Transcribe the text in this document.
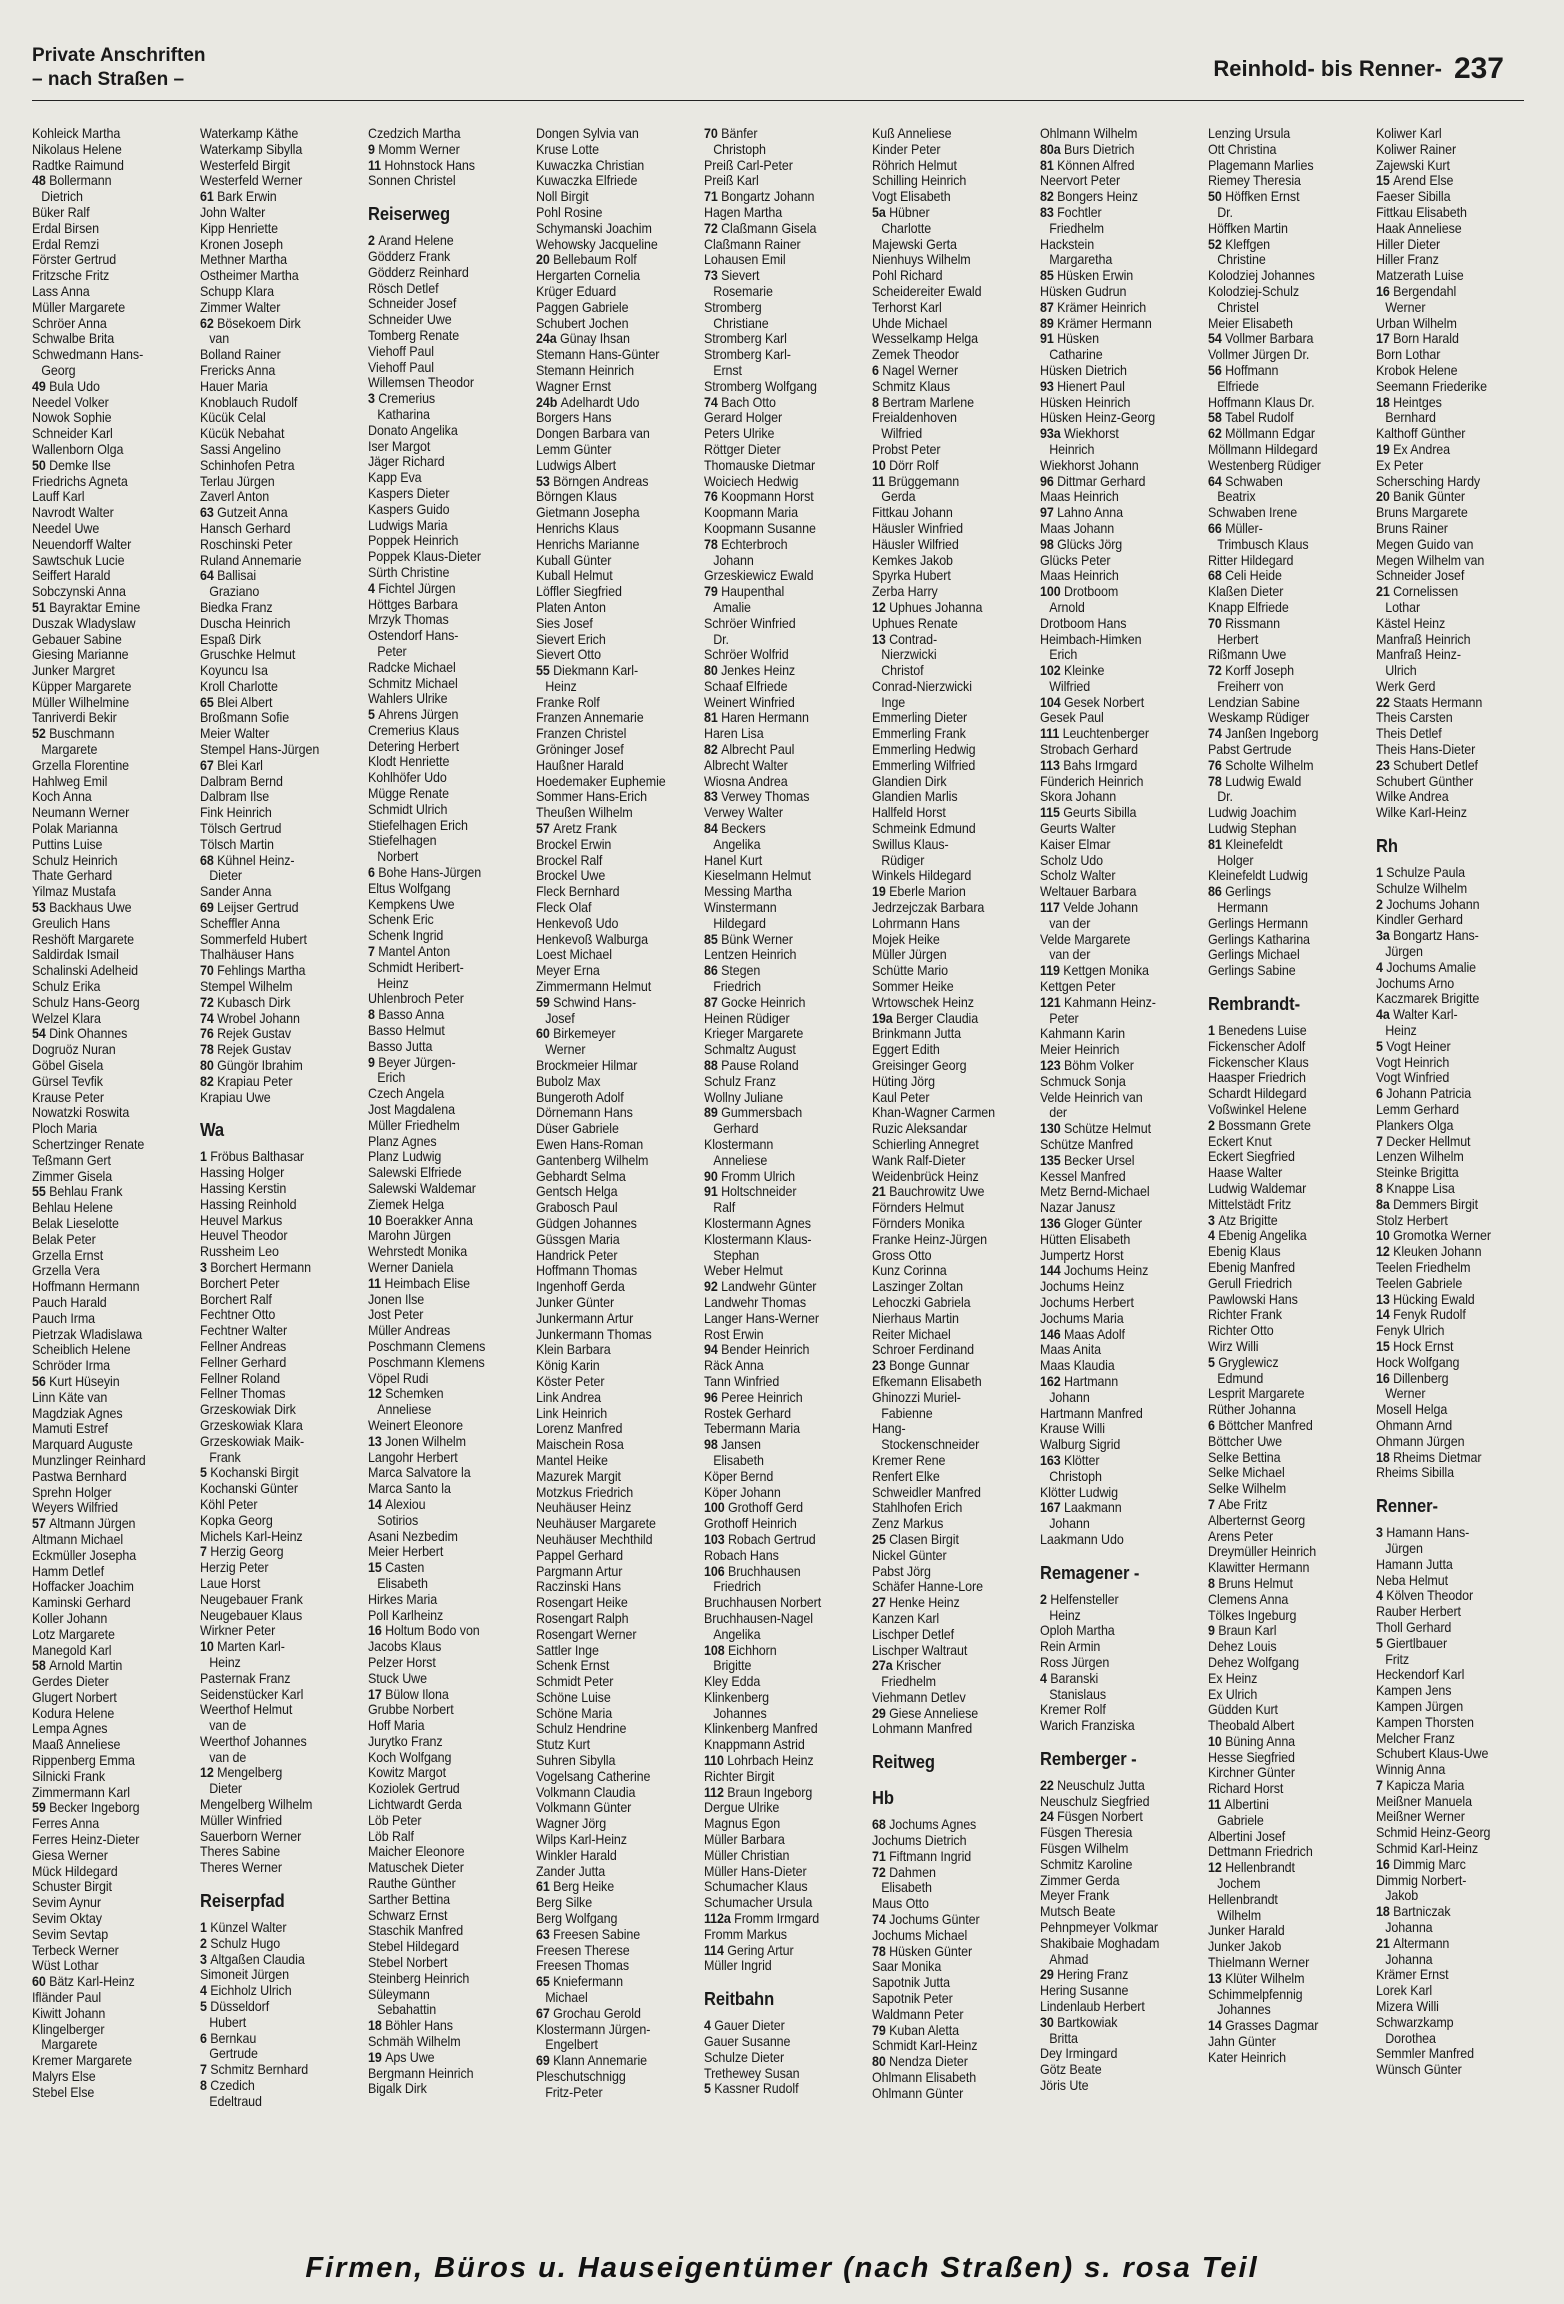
Private Anschriften
– nach Straßen –	Reinhold- bis Renner- 237
Kohleick Martha
Nikolaus Helene
Radtke Raimund
48 Bollermann
Dietrich
Büker Ralf
Erdal Birsen
Erdal Remzi
Förster Gertrud
Fritzsche Fritz
Lass Anna
Müller Margarete
Schröer Anna
Schwalbe Brita
Schwedmann Hans-
Georg
49 Bula Udo
Needel Volker
Nowok Sophie
Schneider Karl
Wallenborn Olga
50 Demke Ilse
Friedrichs Agneta
Lauff Karl
Navrodt Walter
Needel Uwe
Neuendorff Walter
Sawtschuk Lucie
Seiffert Harald
Sobczynski Anna
51 Bayraktar Emine
Duszak Wladyslaw
Gebauer Sabine
Giesing Marianne
Junker Margret
Küpper Margarete
Müller Wilhelmine
Tanriverdi Bekir
52 Buschmann
Margarete
Grzella Florentine
Hahlweg Emil
Koch Anna
Neumann Werner
Polak Marianna
Puttins Luise
Schulz Heinrich
Thate Gerhard
Yilmaz Mustafa
53 Backhaus Uwe
Greulich Hans
Reshöft Margarete
Saldirdak Ismail
Schalinski Adelheid
Schulz Erika
Schulz Hans-Georg
Welzel Klara
54 Dink Ohannes
Dogruöz Nuran
Göbel Gisela
Gürsel Tevfik
Krause Peter
Nowatzki Roswita
Ploch Maria
Schertzinger Renate
Teßmann Gert
Zimmer Gisela
55 Behlau Frank
Behlau Helene
Belak Lieselotte
Belak Peter
Grzella Ernst
Grzella Vera
Hoffmann Hermann
Pauch Harald
Pauch Irma
Pietrzak Wladislawa
Scheiblich Helene
Schröder Irma
56 Kurt Hüseyin
Linn Käte van
Magdziak Agnes
Mamuti Estref
Marquard Auguste
Munzlinger Reinhard
Pastwa Bernhard
Sprehn Holger
Weyers Wilfried
57 Altmann Jürgen
Altmann Michael
Eckmüller Josepha
Hamm Detlef
Hoffacker Joachim
Kaminski Gerhard
Koller Johann
Lotz Margarete
Manegold Karl
58 Arnold Martin
Gerdes Dieter
Glugert Norbert
Kodura Helene
Lempa Agnes
Maaß Anneliese
Rippenberg Emma
Silnicki Frank
Zimmermann Karl
59 Becker Ingeborg
Ferres Anna
Ferres Heinz-Dieter
Giesa Werner
Mück Hildegard
Schuster Birgit
Sevim Aynur
Sevim Oktay
Sevim Sevtap
Terbeck Werner
Wüst Lothar
60 Bätz Karl-Heinz
Ifländer Paul
Kiwitt Johann
Klingelberger
Margarete
Kremer Margarete
Malyrs Else
Stebel Else
Waterkamp Käthe
Waterkamp Sibylla
Westerfeld Birgit
Westerfeld Werner
61 Bark Erwin
John Walter
Kipp Henriette
Kronen Joseph
Methner Martha
Ostheimer Martha
Schupp Klara
Zimmer Walter
62 Bösekoem Dirk
van
Bolland Rainer
Frericks Anna
Hauer Maria
Knoblauch Rudolf
Kücük Celal
Kücük Nebahat
Sassi Angelino
Schinhofen Petra
Terlau Jürgen
Zaverl Anton
63 Gutzeit Anna
Hansch Gerhard
Roschinski Peter
Ruland Annemarie
64 Ballisai
Graziano
Biedka Franz
Duscha Heinrich
Espaß Dirk
Gruschke Helmut
Koyuncu Isa
Kroll Charlotte
65 Blei Albert
Broßmann Sofie
Meier Walter
Stempel Hans-Jürgen
67 Blei Karl
Dalbram Bernd
Dalbram Ilse
Fink Heinrich
Tölsch Gertrud
Tölsch Martin
68 Kühnel Heinz-
Dieter
Sander Anna
69 Leijser Gertrud
Scheffler Anna
Sommerfeld Hubert
Thalhäuser Hans
70 Fehlings Martha
Stempel Wilhelm
72 Kubasch Dirk
74 Wrobel Johann
76 Rejek Gustav
78 Rejek Gustav
80 Güngör Ibrahim
82 Krapiau Peter
Krapiau Uwe
Wa
1 Fröbus Balthasar
Hassing Holger
Hassing Kerstin
Hassing Reinhold
Heuvel Markus
Heuvel Theodor
Russheim Leo
3 Borchert Hermann
Borchert Peter
Borchert Ralf
Fechtner Otto
Fechtner Walter
Fellner Andreas
Fellner Gerhard
Fellner Roland
Fellner Thomas
Grzeskowiak Dirk
Grzeskowiak Klara
Grzeskowiak Maik-
Frank
5 Kochanski Birgit
Kochanski Günter
Köhl Peter
Kopka Georg
Michels Karl-Heinz
7 Herzig Georg
Herzig Peter
Laue Horst
Neugebauer Frank
Neugebauer Klaus
Wirkner Peter
10 Marten Karl-
Heinz
Pasternak Franz
Seidenstücker Karl
Weerthof Helmut
van de
Weerthof Johannes
van de
12 Mengelberg
Dieter
Mengelberg Wilhelm
Müller Winfried
Sauerborn Werner
Theres Sabine
Theres Werner
Reiserpfad
1 Künzel Walter
2 Schulz Hugo
3 Altgaßen Claudia
Simoneit Jürgen
4 Eichholz Ulrich
5 Düsseldorf
Hubert
6 Bernkau
Gertrude
7 Schmitz Bernhard
8 Czedich
Edeltraud
Czedzich Martha
9 Momm Werner
11 Hohnstock Hans
Sonnen Christel
Reiserweg
2 Arand Helene
Gödderz Frank
Gödderz Reinhard
Rösch Detlef
Schneider Josef
Schneider Uwe
Tomberg Renate
Viehoff Paul
Viehoff Paul
Willemsen Theodor
3 Cremerius
Katharina
Donato Angelika
Iser Margot
Jäger Richard
Kapp Eva
Kaspers Dieter
Kaspers Guido
Ludwigs Maria
Poppek Heinrich
Poppek Klaus-Dieter
Sürth Christine
4 Fichtel Jürgen
Höttges Barbara
Mrzyk Thomas
Ostendorf Hans-
Peter
Radcke Michael
Schmitz Michael
Wahlers Ulrike
5 Ahrens Jürgen
Cremerius Klaus
Detering Herbert
Klodt Henriette
Kohlhöfer Udo
Mügge Renate
Schmidt Ulrich
Stiefelhagen Erich
Stiefelhagen
Norbert
6 Bohe Hans-Jürgen
Eltus Wolfgang
Kempkens Uwe
Schenk Eric
Schenk Ingrid
7 Mantel Anton
Schmidt Heribert-
Heinz
Uhlenbroch Peter
8 Basso Anna
Basso Helmut
Basso Jutta
9 Beyer Jürgen-
Erich
Czech Angela
Jost Magdalena
Müller Friedhelm
Planz Agnes
Planz Ludwig
Salewski Elfriede
Salewski Waldemar
Ziemek Helga
10 Boerakker Anna
Marohn Jürgen
Wehrstedt Monika
Werner Daniela
11 Heimbach Elise
Jonen Ilse
Jost Peter
Müller Andreas
Poschmann Clemens
Poschmann Klemens
Vöpel Rudi
12 Schemken
Anneliese
Weinert Eleonore
13 Jonen Wilhelm
Langohr Herbert
Marca Salvatore la
Marca Santo la
14 Alexiou
Sotirios
Asani Nezbedim
Meier Herbert
15 Casten
Elisabeth
Hirkes Maria
Poll Karlheinz
16 Holtum Bodo von
Jacobs Klaus
Pelzer Horst
Stuck Uwe
17 Bülow Ilona
Grubbe Norbert
Hoff Maria
Jurytko Franz
Koch Wolfgang
Kowitz Margot
Koziolek Gertrud
Lichtwardt Gerda
Löb Peter
Löb Ralf
Maicher Eleonore
Matuschek Dieter
Rauthe Günther
Sarther Bettina
Schwarz Ernst
Staschik Manfred
Stebel Hildegard
Stebel Norbert
Steinberg Heinrich
Süleymann
Sebahattin
18 Böhler Hans
Schmäh Wilhelm
19 Aps Uwe
Bergmann Heinrich
Bigalk Dirk
Dongen Sylvia van
Kruse Lotte
Kuwaczka Christian
Kuwaczka Elfriede
Noll Birgit
Pohl Rosine
Schymanski Joachim
Wehowsky Jacqueline
20 Bellebaum Rolf
Hergarten Cornelia
Krüger Eduard
Paggen Gabriele
Schubert Jochen
24a Günay Ihsan
Stemann Hans-Günter
Stemann Heinrich
Wagner Ernst
24b Adelhardt Udo
Borgers Hans
Dongen Barbara van
Lemm Günter
Ludwigs Albert
53 Börngen Andreas
Börngen Klaus
Gietmann Josepha
Henrichs Klaus
Henrichs Marianne
Kuball Günter
Kuball Helmut
Löffler Siegfried
Platen Anton
Sies Josef
Sievert Erich
Sievert Otto
55 Diekmann Karl-
Heinz
Franke Rolf
Franzen Annemarie
Franzen Christel
Gröninger Josef
Haußner Harald
Hoedemaker Euphemie
Sommer Hans-Erich
Theußen Wilhelm
57 Aretz Frank
Brockel Erwin
Brockel Ralf
Brockel Uwe
Fleck Bernhard
Fleck Olaf
Henkevoß Udo
Henkevoß Walburga
Loest Michael
Meyer Erna
Zimmermann Helmut
59 Schwind Hans-
Josef
60 Birkemeyer
Werner
Brockmeier Hilmar
Bubolz Max
Bungeroth Adolf
Dörnemann Hans
Düser Gabriele
Ewen Hans-Roman
Gantenberg Wilhelm
Gebhardt Selma
Gentsch Helga
Grabosch Paul
Güdgen Johannes
Güssgen Maria
Handrick Peter
Hoffmann Thomas
Ingenhoff Gerda
Junker Günter
Junkermann Artur
Junkermann Thomas
Klein Barbara
König Karin
Köster Peter
Link Andrea
Link Heinrich
Lorenz Manfred
Maischein Rosa
Mantel Heike
Mazurek Margit
Motzkus Friedrich
Neuhäuser Heinz
Neuhäuser Margarete
Neuhäuser Mechthild
Pappel Gerhard
Pargmann Artur
Raczinski Hans
Rosengart Heike
Rosengart Ralph
Rosengart Werner
Sattler Inge
Schenk Ernst
Schmidt Peter
Schöne Luise
Schöne Maria
Schulz Hendrine
Stutz Kurt
Suhren Sibylla
Vogelsang Catherine
Volkmann Claudia
Volkmann Günter
Wagner Jörg
Wilps Karl-Heinz
Winkler Harald
Zander Jutta
61 Berg Heike
Berg Silke
Berg Wolfgang
63 Freesen Sabine
Freesen Therese
Freesen Thomas
65 Kniefermann
Michael
67 Grochau Gerold
Klostermann Jürgen-
Engelbert
69 Klann Annemarie
Pleschutschnigg
Fritz-Peter
70 Bänfer
Christoph
Preiß Carl-Peter
Preiß Karl
71 Bongartz Johann
Hagen Martha
72 Claßmann Gisela
Claßmann Rainer
Lohausen Emil
73 Sievert
Rosemarie
Stromberg
Christiane
Stromberg Karl
Stromberg Karl-
Ernst
Stromberg Wolfgang
74 Bach Otto
Gerard Holger
Peters Ulrike
Röttger Dieter
Thomauske Dietmar
Woiciech Hedwig
76 Koopmann Horst
Koopmann Maria
Koopmann Susanne
78 Echterbroch
Johann
Grzeskiewicz Ewald
79 Haupenthal
Amalie
Schröer Winfried
Dr.
Schröer Wolfrid
80 Jenkes Heinz
Schaaf Elfriede
Weinert Winfried
81 Haren Hermann
Haren Lisa
82 Albrecht Paul
Albrecht Walter
Wiosna Andrea
83 Verwey Thomas
Verwey Walter
84 Beckers
Angelika
Hanel Kurt
Kieselmann Helmut
Messing Martha
Winstermann
Hildegard
85 Bünk Werner
Lentzen Heinrich
86 Stegen
Friedrich
87 Gocke Heinrich
Heinen Rüdiger
Krieger Margarete
Schmaltz August
88 Pause Roland
Schulz Franz
Wollny Juliane
89 Gummersbach
Gerhard
Klostermann
Anneliese
90 Fromm Ulrich
91 Holtschneider
Ralf
Klostermann Agnes
Klostermann Klaus-
Stephan
Weber Helmut
92 Landwehr Günter
Landwehr Thomas
Langer Hans-Werner
Rost Erwin
94 Bender Heinrich
Räck Anna
Tann Winfried
96 Peree Heinrich
Rostek Gerhard
Tebermann Maria
98 Jansen
Elisabeth
Köper Bernd
Köper Johann
100 Grothoff Gerd
Grothoff Heinrich
103 Robach Gertrud
Robach Hans
106 Bruchhausen
Friedrich
Bruchhausen Norbert
Bruchhausen-Nagel
Angelika
108 Eichhorn
Brigitte
Kley Edda
Klinkenberg
Johannes
Klinkenberg Manfred
Knappmann Astrid
110 Lohrbach Heinz
Richter Birgit
112 Braun Ingeborg
Dergue Ulrike
Magnus Egon
Müller Barbara
Müller Christian
Müller Hans-Dieter
Schumacher Klaus
Schumacher Ursula
112a Fromm Irmgard
Fromm Markus
114 Gering Artur
Müller Ingrid
Reitbahn
4 Gauer Dieter
Gauer Susanne
Schulze Dieter
Trethewey Susan
5 Kassner Rudolf
Kuß Anneliese
Kinder Peter
Röhrich Helmut
Schilling Heinrich
Vogt Elisabeth
5a Hübner
Charlotte
Majewski Gerta
Nienhuys Wilhelm
Pohl Richard
Scheidereiter Ewald
Terhorst Karl
Uhde Michael
Wesselkamp Helga
Zemek Theodor
6 Nagel Werner
Schmitz Klaus
8 Bertram Marlene
Freialdenhoven
Wilfried
Probst Peter
10 Dörr Rolf
11 Brüggemann
Gerda
Fittkau Johann
Häusler Winfried
Häusler Wilfried
Kemkes Jakob
Spyrka Hubert
Zerba Harry
12 Uphues Johanna
Uphues Renate
13 Contrad-
Nierzwicki
Christof
Conrad-Nierzwicki
Inge
Emmerling Dieter
Emmerling Frank
Emmerling Hedwig
Emmerling Wilfried
Glandien Dirk
Glandien Marlis
Hallfeld Horst
Schmeink Edmund
Swillus Klaus-
Rüdiger
Winkels Hildegard
19 Eberle Marion
Jedrzejczak Barbara
Lohrmann Hans
Mojek Heike
Müller Jürgen
Schütte Mario
Sommer Heike
Wrtowschek Heinz
19a Berger Claudia
Brinkmann Jutta
Eggert Edith
Greisinger Georg
Hüting Jörg
Kaul Peter
Khan-Wagner Carmen
Ruzic Aleksandar
Schierling Annegret
Wank Ralf-Dieter
Weidenbrück Heinz
21 Bauchrowitz Uwe
Förnders Helmut
Förnders Monika
Franke Heinz-Jürgen
Gross Otto
Kunz Corinna
Laszinger Zoltan
Lehoczki Gabriela
Nierhaus Martin
Reiter Michael
Schroer Ferdinand
23 Bonge Gunnar
Efkemann Elisabeth
Ghinozzi Muriel-
Fabienne
Hang-
Stockenschneider
Kremer Rene
Renfert Elke
Schweidler Manfred
Stahlhofen Erich
Zenz Markus
25 Clasen Birgit
Nickel Günter
Pabst Jörg
Schäfer Hanne-Lore
27 Henke Heinz
Kanzen Karl
Lischper Detlef
Lischper Waltraut
27a Krischer
Friedhelm
Viehmann Detlev
29 Giese Anneliese
Lohmann Manfred
Reitweg
Hb
68 Jochums Agnes
Jochums Dietrich
71 Fiftmann Ingrid
72 Dahmen
Elisabeth
Maus Otto
74 Jochums Günter
Jochums Michael
78 Hüsken Günter
Saar Monika
Sapotnik Jutta
Sapotnik Peter
Waldmann Peter
79 Kuban Aletta
Schmidt Karl-Heinz
80 Nendza Dieter
Ohlmann Elisabeth
Ohlmann Günter
Ohlmann Wilhelm
80a Burs Dietrich
81 Können Alfred
Neervort Peter
82 Bongers Heinz
83 Fochtler
Friedhelm
Hackstein
Margaretha
85 Hüsken Erwin
Hüsken Gudrun
87 Krämer Heinrich
89 Krämer Hermann
91 Hüsken
Catharine
Hüsken Dietrich
93 Hienert Paul
Hüsken Heinrich
Hüsken Heinz-Georg
93a Wiekhorst
Heinrich
Wiekhorst Johann
96 Dittmar Gerhard
Maas Heinrich
97 Lahno Anna
Maas Johann
98 Glücks Jörg
Glücks Peter
Maas Heinrich
100 Drotboom
Arnold
Drotboom Hans
Heimbach-Himken
Erich
102 Kleinke
Wilfried
104 Gesek Norbert
Gesek Paul
111 Leuchtenberger
Strobach Gerhard
113 Bahs Irmgard
Fünderich Heinrich
Skora Johann
115 Geurts Sibilla
Geurts Walter
Kaiser Elmar
Scholz Udo
Scholz Walter
Weltauer Barbara
117 Velde Johann
van der
Velde Margarete
van der
119 Kettgen Monika
Kettgen Peter
121 Kahmann Heinz-
Peter
Kahmann Karin
Meier Heinrich
123 Böhm Volker
Schmuck Sonja
Velde Heinrich van
der
130 Schütze Helmut
Schütze Manfred
135 Becker Ursel
Kessel Manfred
Metz Bernd-Michael
Nazar Janusz
136 Gloger Günter
Hütten Elisabeth
Jumpertz Horst
144 Jochums Heinz
Jochums Heinz
Jochums Herbert
Jochums Maria
146 Maas Adolf
Maas Anita
Maas Klaudia
162 Hartmann
Johann
Hartmann Manfred
Krause Willi
Walburg Sigrid
163 Klötter
Christoph
Klötter Ludwig
167 Laakmann
Johann
Laakmann Udo
Remagener -
2 Helfensteller
Heinz
Oploh Martha
Rein Armin
Ross Jürgen
4 Baranski
Stanislaus
Kremer Rolf
Warich Franziska
Remberger -
22 Neuschulz Jutta
Neuschulz Siegfried
24 Füsgen Norbert
Füsgen Theresia
Füsgen Wilhelm
Schmitz Karoline
Zimmer Gerda
Meyer Frank
Mutsch Beate
Pehnpmeyer Volkmar
Shakibaie Moghadam
Ahmad
29 Hering Franz
Hering Susanne
Lindenlaub Herbert
30 Bartkowiak
Britta
Dey Irmingard
Götz Beate
Jöris Ute
Lenzing Ursula
Ott Christina
Plagemann Marlies
Riemey Theresia
50 Höffken Ernst
Dr.
Höffken Martin
52 Kleffgen
Christine
Kolodziej Johannes
Kolodziej-Schulz
Christel
Meier Elisabeth
54 Vollmer Barbara
Vollmer Jürgen Dr.
56 Hoffmann
Elfriede
Hoffmann Klaus Dr.
58 Tabel Rudolf
62 Möllmann Edgar
Möllmann Hildegard
Westenberg Rüdiger
64 Schwaben
Beatrix
Schwaben Irene
66 Müller-
Trimbusch Klaus
Ritter Hildegard
68 Celi Heide
Klaßen Dieter
Knapp Elfriede
70 Rissmann
Herbert
Rißmann Uwe
72 Korff Joseph
Freiherr von
Lendzian Sabine
Weskamp Rüdiger
74 Janßen Ingeborg
Pabst Gertrude
76 Scholte Wilhelm
78 Ludwig Ewald
Dr.
Ludwig Joachim
Ludwig Stephan
81 Kleinefeldt
Holger
Kleinefeldt Ludwig
86 Gerlings
Hermann
Gerlings Hermann
Gerlings Katharina
Gerlings Michael
Gerlings Sabine
Rembrandt-
1 Benedens Luise
Fickenscher Adolf
Fickenscher Klaus
Haasper Friedrich
Schardt Hildegard
Voßwinkel Helene
2 Bossmann Grete
Eckert Knut
Eckert Siegfried
Haase Walter
Ludwig Waldemar
Mittelstädt Fritz
3 Atz Brigitte
4 Ebenig Angelika
Ebenig Klaus
Ebenig Manfred
Gerull Friedrich
Pawlowski Hans
Richter Frank
Richter Otto
Wirz Willi
5 Gryglewicz
Edmund
Lesprit Margarete
Rüther Johanna
6 Böttcher Manfred
Böttcher Uwe
Selke Bettina
Selke Michael
Selke Wilhelm
7 Abe Fritz
Alberternst Georg
Arens Peter
Dreymüller Heinrich
Klawitter Hermann
8 Bruns Helmut
Clemens Anna
Tölkes Ingeburg
9 Braun Karl
Dehez Louis
Dehez Wolfgang
Ex Heinz
Ex Ulrich
Güdden Kurt
Theobald Albert
10 Büning Anna
Hesse Siegfried
Kirchner Günter
Richard Horst
11 Albertini
Gabriele
Albertini Josef
Dettmann Friedrich
12 Hellenbrandt
Jochem
Hellenbrandt
Wilhelm
Junker Harald
Junker Jakob
Thielmann Werner
13 Klüter Wilhelm
Schimmelpfennig
Johannes
14 Grasses Dagmar
Jahn Günter
Kater Heinrich
Koliwer Karl
Koliwer Rainer
Zajewski Kurt
15 Arend Else
Faeser Sibilla
Fittkau Elisabeth
Haak Anneliese
Hiller Dieter
Hiller Franz
Matzerath Luise
16 Bergendahl
Werner
Urban Wilhelm
17 Born Harald
Born Lothar
Krobok Helene
Seemann Friederike
18 Heintges
Bernhard
Kalthoff Günther
19 Ex Andrea
Ex Peter
Schersching Hardy
20 Banik Günter
Bruns Margarete
Bruns Rainer
Megen Guido van
Megen Wilhelm van
Schneider Josef
21 Cornelissen
Lothar
Kästel Heinz
Manfraß Heinrich
Manfraß Heinz-
Ulrich
Werk Gerd
22 Staats Hermann
Theis Carsten
Theis Detlef
Theis Hans-Dieter
23 Schubert Detlef
Schubert Günther
Wilke Andrea
Wilke Karl-Heinz
Rh
1 Schulze Paula
Schulze Wilhelm
2 Jochums Johann
Kindler Gerhard
3a Bongartz Hans-
Jürgen
4 Jochums Amalie
Jochums Arno
Kaczmarek Brigitte
4a Walter Karl-
Heinz
5 Vogt Heiner
Vogt Heinrich
Vogt Winfried
6 Johann Patricia
Lemm Gerhard
Plankers Olga
7 Decker Hellmut
Lenzen Wilhelm
Steinke Brigitta
8 Knappe Lisa
8a Demmers Birgit
Stolz Herbert
10 Gromotka Werner
12 Kleuken Johann
Teelen Friedhelm
Teelen Gabriele
13 Hücking Ewald
14 Fenyk Rudolf
Fenyk Ulrich
15 Hock Ernst
Hock Wolfgang
16 Dillenberg
Werner
Mosell Helga
Ohmann Arnd
Ohmann Jürgen
18 Rheims Dietmar
Rheims Sibilla
Renner-
3 Hamann Hans-
Jürgen
Hamann Jutta
Neba Helmut
4 Kölven Theodor
Rauber Herbert
Tholl Gerhard
5 Giertlbauer
Fritz
Heckendorf Karl
Kampen Jens
Kampen Jürgen
Kampen Thorsten
Melcher Franz
Schubert Klaus-Uwe
Winnig Anna
7 Kapicza Maria
Meißner Manuela
Meißner Werner
Schmid Heinz-Georg
Schmid Karl-Heinz
16 Dimmig Marc
Dimmig Norbert-
Jakob
18 Bartniczak
Johanna
21 Altermann
Johanna
Krämer Ernst
Lorek Karl
Mizera Willi
Schwarzkamp
Dorothea
Semmler Manfred
Wünsch Günter
Firmen, Büros u. Hauseigentümer (nach Straßen) s. rosa Teil
